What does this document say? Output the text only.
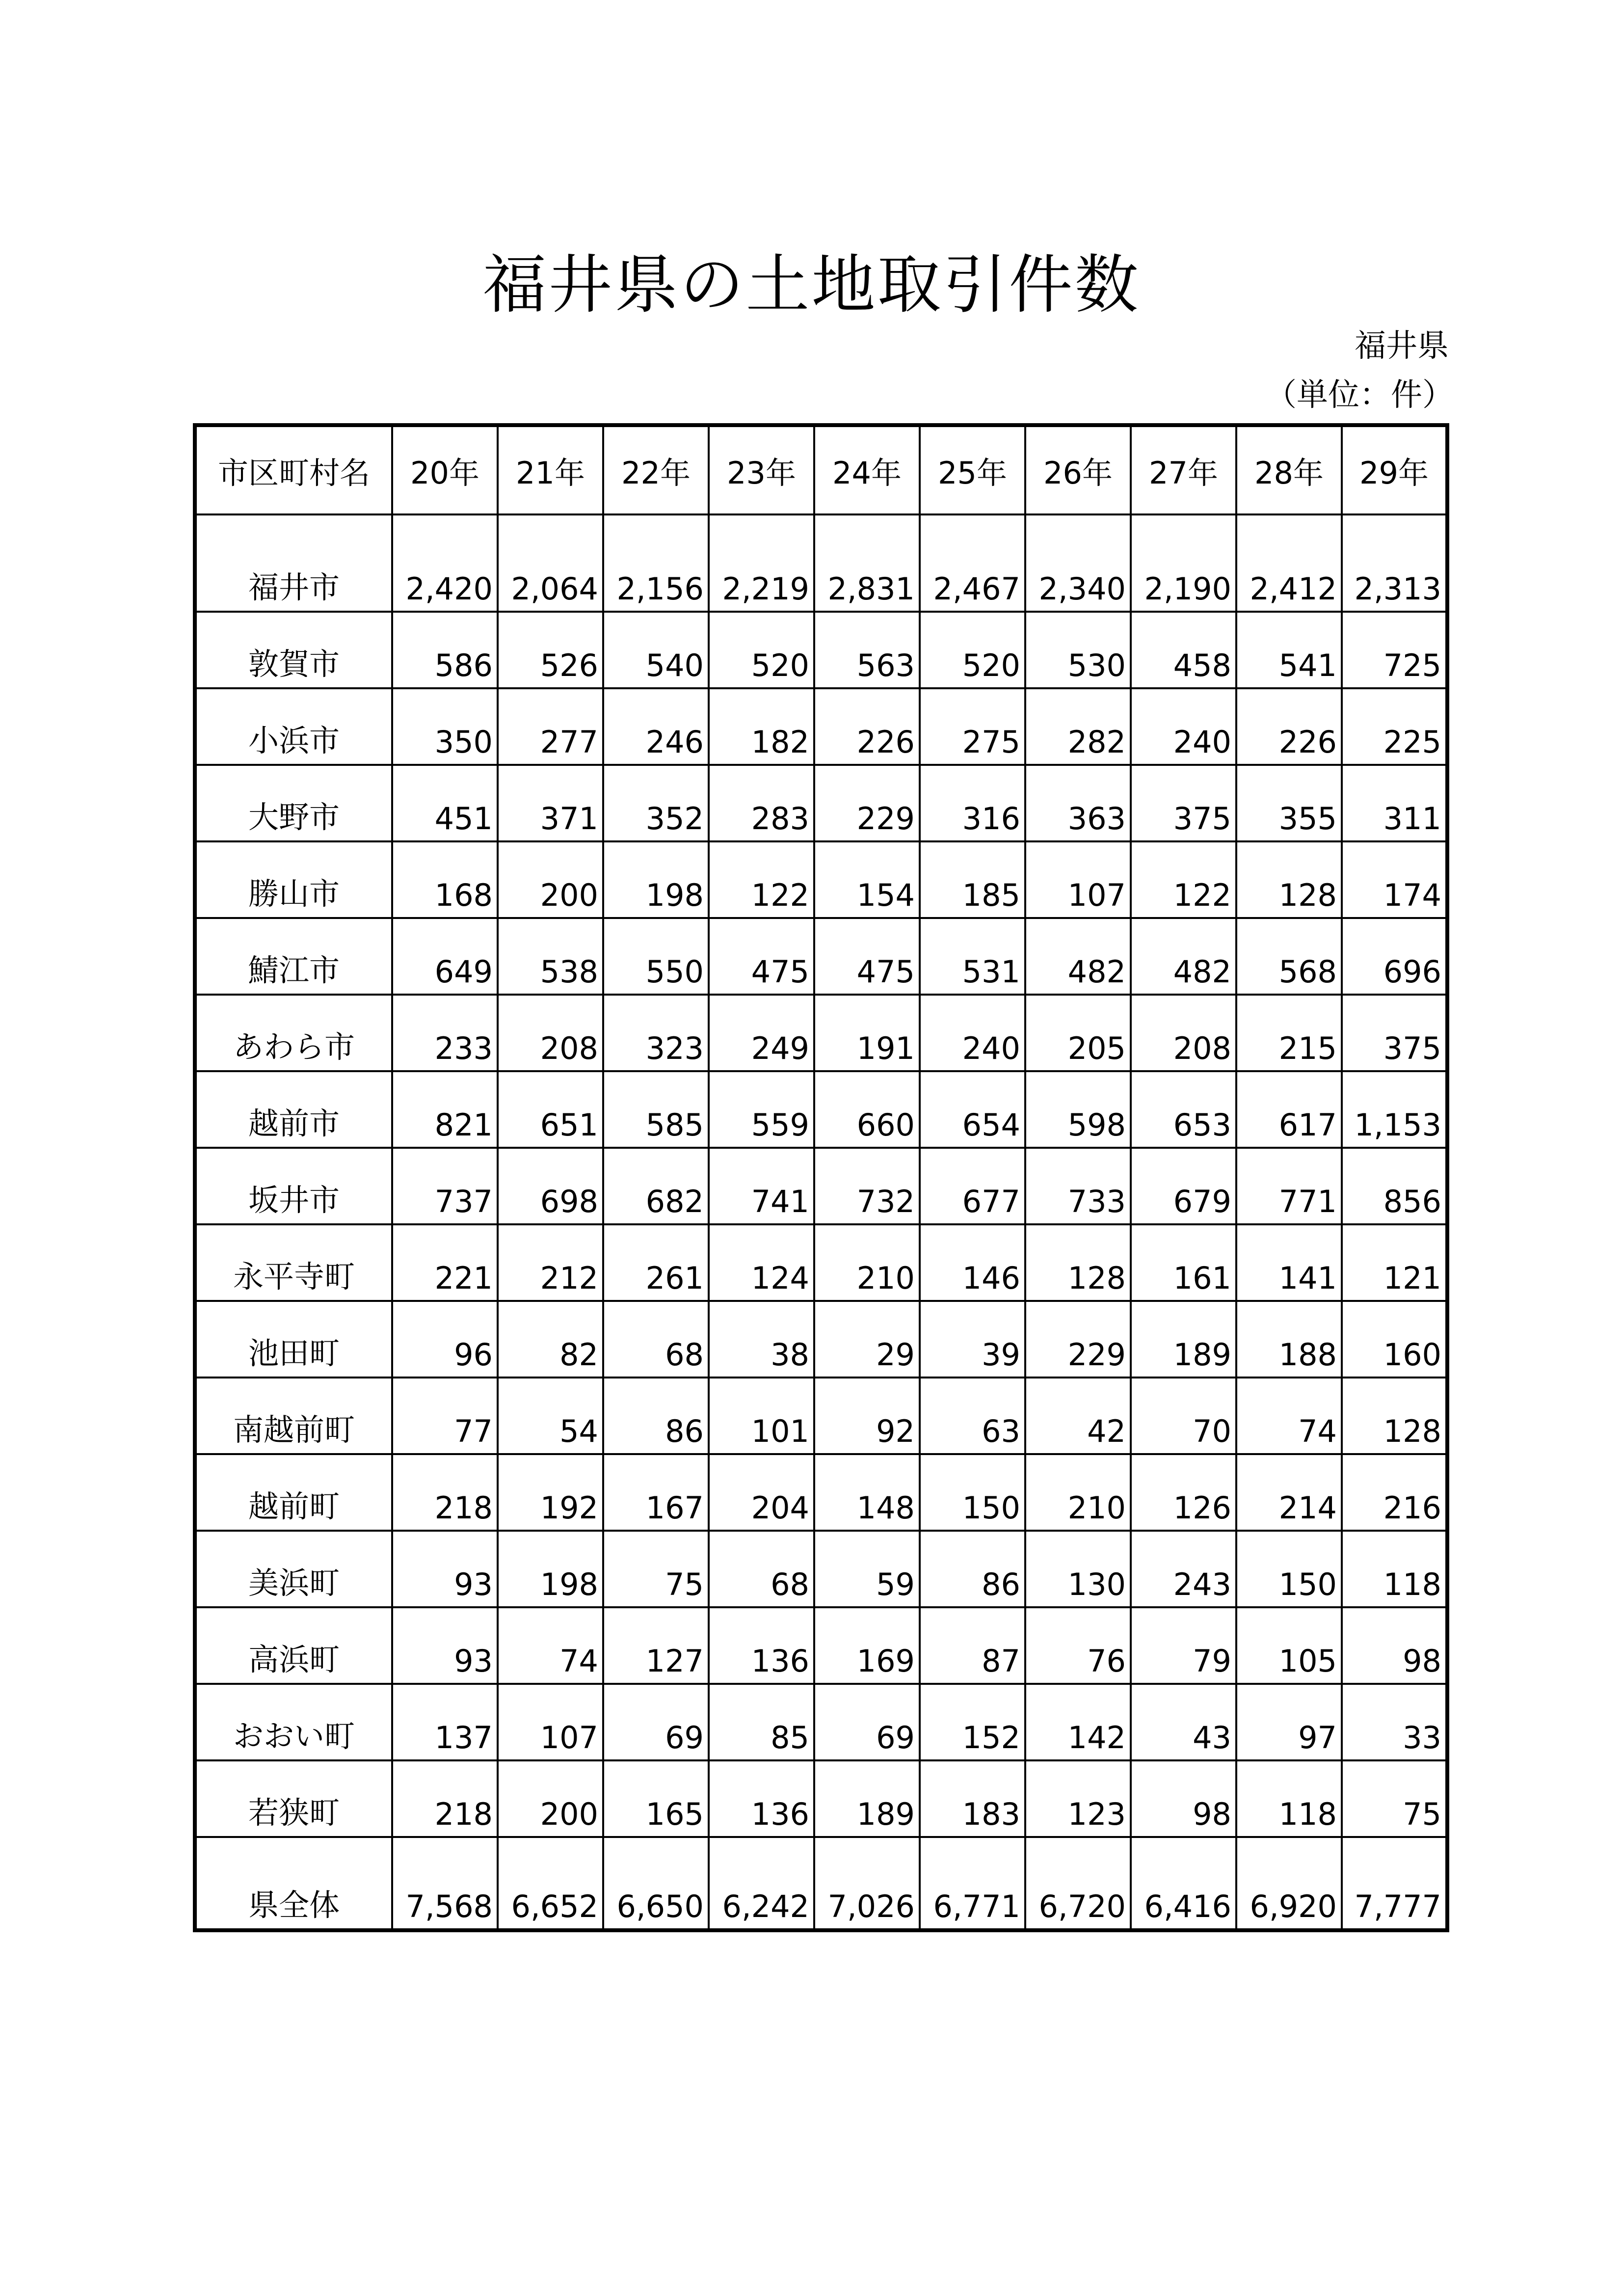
福井県の土地取引件数
福井県
（単位：件）
市区町村名	20年	21年	22年	23年	24年	25年	26年	27年	28年	29年
福井市	2,420	2,064	2,156	2,219	2,831	2,467	2,340	2,190	2,412	2,313
敦賀市	586	526	540	520	563	520	530	458	541	725
小浜市	350	277	246	182	226	275	282	240	226	225
大野市	451	371	352	283	229	316	363	375	355	311
勝山市	168	200	198	122	154	185	107	122	128	174
鯖江市	649	538	550	475	475	531	482	482	568	696
あわら市	233	208	323	249	191	240	205	208	215	375
越前市	821	651	585	559	660	654	598	653	617	1,153
坂井市	737	698	682	741	732	677	733	679	771	856
永平寺町	221	212	261	124	210	146	128	161	141	121
池田町	96	82	68	38	29	39	229	189	188	160
南越前町	77	54	86	101	92	63	42	70	74	128
越前町	218	192	167	204	148	150	210	126	214	216
美浜町	93	198	75	68	59	86	130	243	150	118
高浜町	93	74	127	136	169	87	76	79	105	98
おおい町	137	107	69	85	69	152	142	43	97	33
若狭町	218	200	165	136	189	183	123	98	118	75
県全体	7,568	6,652	6,650	6,242	7,026	6,771	6,720	6,416	6,920	7,777
